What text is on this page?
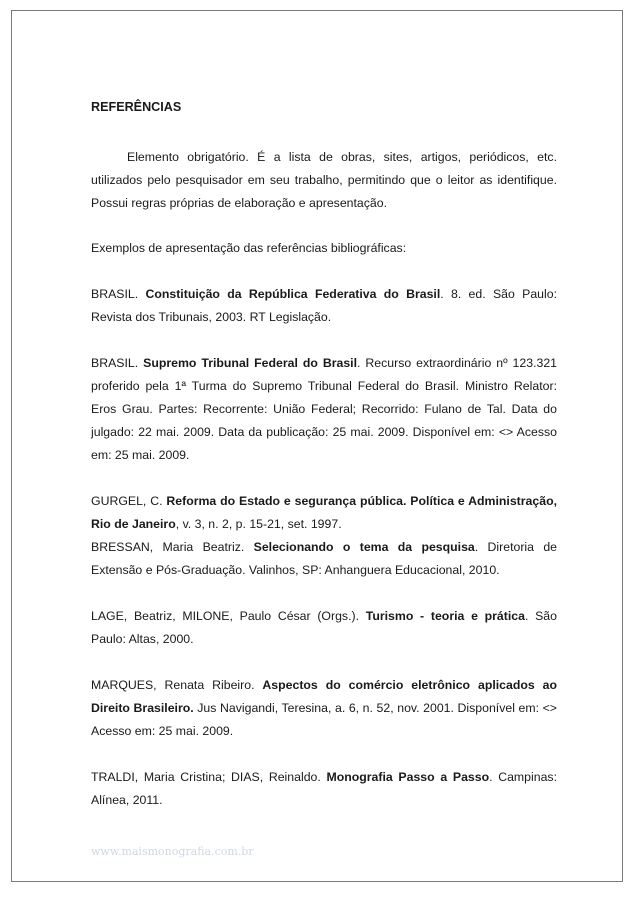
REFERÊNCIAS

Elemento obrigatório. É a lista de obras, sites, artigos, periódicos, etc. utilizados pelo pesquisador em seu trabalho, permitindo que o leitor as identifique. Possui regras próprias de elaboração e apresentação.

Exemplos de apresentação das referências bibliográficas:

BRASIL. Constituição da República Federativa do Brasil. 8. ed. São Paulo: Revista dos Tribunais, 2003. RT Legislação.

BRASIL. Supremo Tribunal Federal do Brasil. Recurso extraordinário nº 123.321 proferido pela 1ª Turma do Supremo Tribunal Federal do Brasil. Ministro Relator: Eros Grau. Partes: Recorrente: União Federal; Recorrido: Fulano de Tal. Data do julgado: 22 mai. 2009. Data da publicação: 25 mai. 2009. Disponível em: <> Acesso em: 25 mai. 2009.

GURGEL, C. Reforma do Estado e segurança pública. Política e Administração, Rio de Janeiro, v. 3, n. 2, p. 15-21, set. 1997.

BRESSAN, Maria Beatriz. Selecionando o tema da pesquisa. Diretoria de Extensão e Pós-Graduação. Valinhos, SP: Anhanguera Educacional, 2010.

LAGE, Beatriz, MILONE, Paulo César (Orgs.). Turismo - teoria e prática. São Paulo: Altas, 2000.

MARQUES, Renata Ribeiro. Aspectos do comércio eletrônico aplicados ao Direito Brasileiro. Jus Navigandi, Teresina, a. 6, n. 52, nov. 2001. Disponível em: <> Acesso em: 25 mai. 2009.

TRALDI, Maria Cristina; DIAS, Reinaldo. Monografia Passo a Passo. Campinas: Alínea, 2011.

www.maismonografia.com.br
